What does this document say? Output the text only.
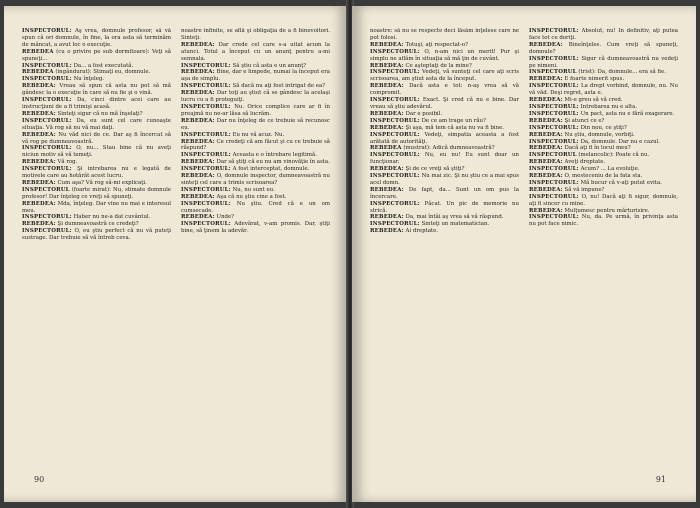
INSPECTORUL: Aş vrea, domnule profesor, să vă spun că ori domnule, în fine, la ora asta să terminăm de mâncat, a avut loc o execuţie.

REBEDEA (cu o privire pe sub dormitoare): Veţi să spuneţi...

INSPECTORUL: Da... a fost executată.

REBEDEA (ingândurat): Stimaţi eu, domnule.

INSPECTORUL: Nu înţeleg.

REBEDEA: Vreau să spun că asta nu pot să mă gândesc la o execuţie în care să nu fie şi o vină.

INSPECTORUL: Da, cinci dintre acei care au instrucţiuni de a fi trimişi acasă.

REBEDEA: Sinteţi sigur că nu mă înşelaţi?

INSPECTORUL: Da, eu sunt cel care cunoaşte situaţia. Vă rog să nu vă mai daţi.

REBEDEA: Nu văd nici de ce. Dar aş fi încercat să vă rog pe dumneavoastră.

INSPECTORUL: O, nu... Stau bine că nu aveţi niciun motiv să vă temeţi.

REBEDEA: Vă rog.

INSPECTORUL: Şi intrebarea nu e legată de motivele care au hotărât acest lucru.

REBEDEA: Cum aşa? Vă rog să-mi explicaţi.

INSPECTORUL (foarte mirat): Nu, stimate domnule profesor! Dar înţeleg ce vreţi să spuneţi.

REBEDEA: Mda, înţeleg. Dar vine nu mai e interesul meu.

INSPECTORUL: Haber nu ne-a dat cuvântul.

REBEDEA: Şi dumneavoastră ce credeţi?

INSPECTORUL: O, eu ştiu perfect că nu vă puteţi sustrage. Dar trebuie să vă întreb ceva.

noastre infinite, se află şi obligaţia de a fi binevoitori. Sinteţi.

REBEDEA: Dar crede cel care s-a uitat acum la atunci. Totul a început cu un anunţ pentru a-mi semnala.

INSPECTORUL: Să ştiu că asta e un anunţ?

REBEDEA: Bine, dar e limpede, numai la început era aşa de simplu.

INSPECTORUL: Să dacă nu aţi fost intrigat de ea?

REBEDEA: Dar toţi au ştiut că se gândesc la acelaşi lucru cu a fi proteguiţi.

INSPECTORUL: Nu. Orice complice care ar fi în preajmă nu ne-ar lăsa să lucrăm.

REBEDEA: Dar nu înţeleg de ce trebuie să recunosc eu.

INSPECTORUL: Eu nu vă acuz. Nu.

REBEDEA: Ce credeţi că am făcut şi cu ce trebuie să răspund?

INSPECTORUL: Aceasta e o întrebare legitimă.

REBEDEA: Dar să ştiţi că eu nu am vinovăţie în asta.

INSPECTORUL: A fost interceptat, domnule.

REBEDEA: O, domnule inspector, dumneavoastră nu sinteţi cel care a trimis scrisoarea?

INSPECTORUL: Nu, nu sunt eu.

REBEDEA: Aşa că nu ştiu cine a fost.

INSPECTORUL: Nu ştiu. Cred că e un om cumsecade.

REBEDEA: Unde?

INSPECTORUL: Adevărat, v-am promis. Dar, ştiţi bine, să ţinem la adevăr.

90

noastre: să nu se respecte deci lăsăm inţelese care ne pot folosi.

REBEDEA: Totuşi, aţi respectat-o?

INSPECTORUL: O, n-am nici un merit! Pur şi simplu ne aflăm în situaţia să mă ţin de cuvânt.

REBEDEA: Ce aşteptaţi de la mine?

INSPECTORUL: Vedeţi, vă sunteţi cel care aţi scris scrisoarea, am ştiut asta de la început.

REBEDEA: Dacă asta e tot: n-aş vrea să vă compromit.

INSPECTORUL: Exact. Şi cred că nu e bine. Dar vreau să ştiu adevărul.

REBEDEA: Dar e posibil.

INSPECTORUL: De ce am trage un rău?

REBEDEA: Şi aşa, mă tem că asta nu va fi bine.

INSPECTORUL: Vedeţi, simpatia aceasta a fost arătată de autorităţi.

REBEDEA (mustrat): Adică dumneavoastră?

INSPECTORUL: Nu, eu nu! Eu sunt doar un funcţionar.

REBEDEA: Şi de ce vreţi să ştiţi?

INSPECTORUL: Nu mai zic. Şi nu ştiu ce a mai spus acel domn.

REBEDEA: De fapt, da... Sunt un om pus la încercare.

INSPECTORUL: Păcat. Un pic de memorie nu strică.

REBEDEA: Da, mai întâi aş vrea să vă răspund.

INSPECTORUL: Sinteţi un matematician.

REBEDEA: Ai dreptate.

INSPECTORUL: Absolut, nu! În definitiv, aţi putea face tot ce doriţi.

REBEDEA: Bineînţeles. Cum vreţi să spuneţi, domnule?

INSPECTORUL: Sigur că dumneavoastră nu vedeţi pe nimeni.

INSPECTORUL (trist): Da, domnule... era să fie.

REBEDEA: E foarte nimerit spus.

INSPECTORUL: La drept vorbind, domnule, nu. Nu vă văd. Deşi regret, asta e.

REBEDEA: Mi-e greu să vă cred.

INSPECTORUL: Intrebarea nu e alta.

INSPECTORUL: Un pact, asta nu e fără exagerare.

REBEDEA: Şi atunci ce e?

INSPECTORUL: Din nou, ce ştiţi?

REBEDEA: Nu ştiu, domnule, vorbiţi.

INSPECTORUL: Da, domnule. Dar nu e cazul.

REBEDEA: Dacă aţi fi în locul meu?

INSPECTORUL (melancolic): Poate că nu.

REBEDEA: Aveţi dreptate.

INSPECTORUL: Acum? ... La evoluţie.

REBEDEA: O, mesteceniu de la fata sta.

INSPECTORUL: Mă bucur că v-aţi putut evita.

REBEDEA: Să vă impune?

INSPECTORUL: O, nu! Dacă aţi fi sigur, domnule, aţi fi sincer cu mine.

REBEDEA: Mulţumesc pentru mărturisire.

INSPECTORUL: Nu, da. Pe urmă, în privinţa asta nu pot face nimic.

91
